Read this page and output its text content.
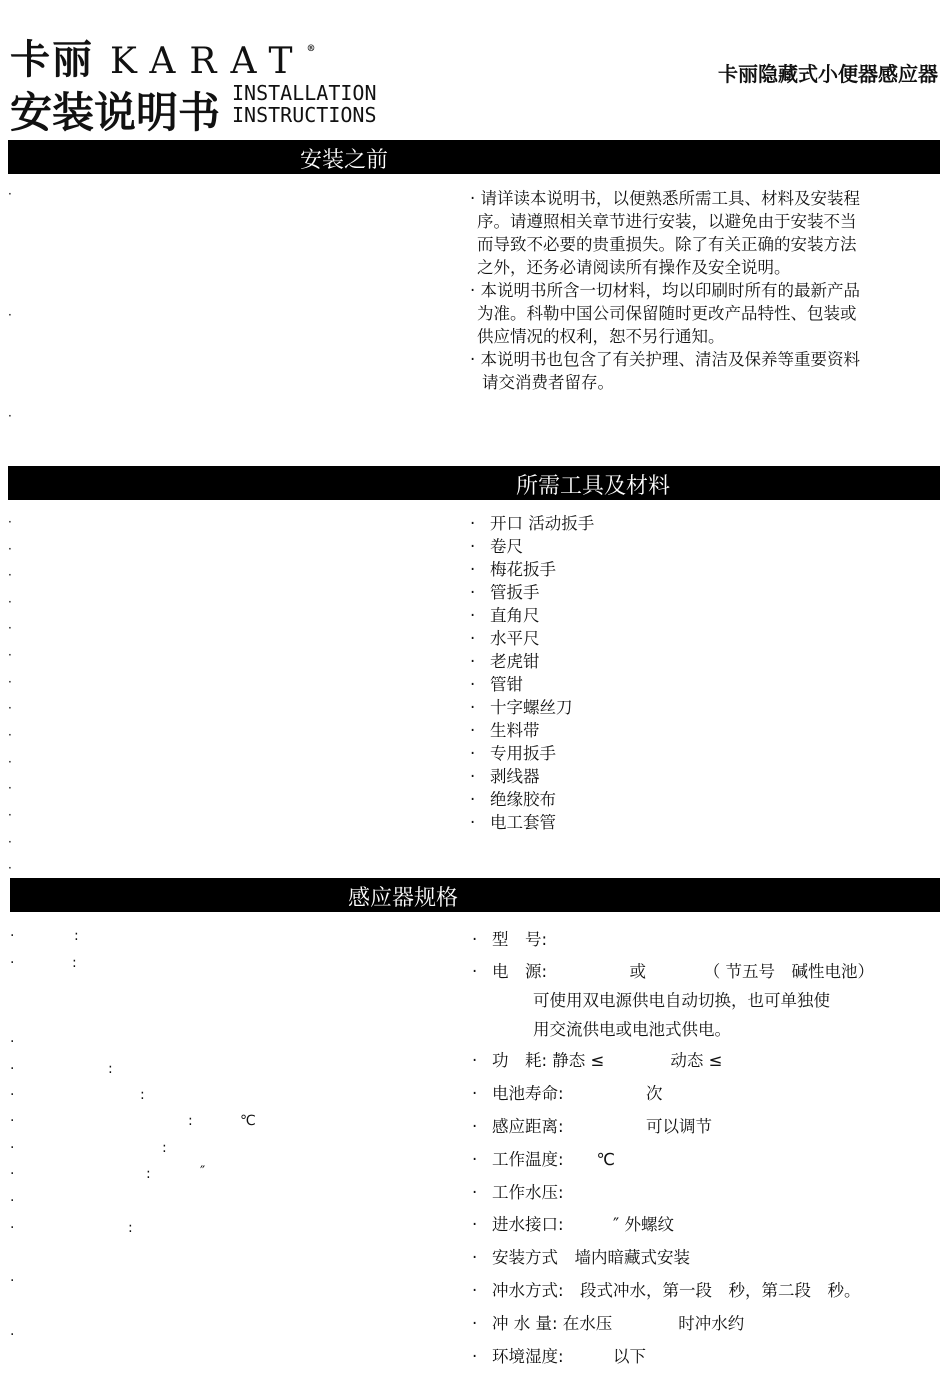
卡丽 KARAT®
安装说明书 INSTALLATION
INSTRUCTIONS
卡丽隐藏式小便器感应器
安装之前
·
·
·
· 请详读本说明书，以便熟悉所需工具、材料及安装程
序。请遵照相关章节进行安装，以避免由于安装不当
而导致不必要的贵重损失。除了有关正确的安装方法
之外，还务必请阅读所有操作及安全说明。
· 本说明书所含一切材料，均以印刷时所有的最新产品
为准。科勒中国公司保留随时更改产品特性、包装或
供应情况的权利，恕不另行通知。
· 本说明书也包含了有关护理、清洁及保养等重要资料
请交消费者留存。
所需工具及材料
·
·
·
·
·
·
·
·
·
·
·
·
·
·
· 开口 活动扳手
· 卷尺
· 梅花扳手
· 管扳手
· 直角尺
· 水平尺
· 老虎钳
· 管钳
· 十字螺丝刀
· 生料带
· 专用扳手
· 剥线器
· 绝缘胶布
· 电工套管
感应器规格
·	:
·	:
·
·	:
·	:
·	:	℃
·	:
·	:	″
·
·	:
·
·
· 型　号:
· 电　源:　　　　　或　　　　（ 节五号　碱性电池）
可使用双电源供电自动切换，也可单独使
用交流供电或电池式供电。
· 功　耗: 静态 ≤　　　　动态 ≤
· 电池寿命:　　　　　次
· 感应距离:　　　　　可以调节
· 工作温度:　　℃
· 工作水压:
· 进水接口:　　　″ 外螺纹
· 安装方式　墙内暗藏式安装
· 冲水方式:　段式冲水，第一段　秒，第二段　秒。
· 冲 水 量: 在水压　　　　时冲水约
· 环境湿度:　　　以下
